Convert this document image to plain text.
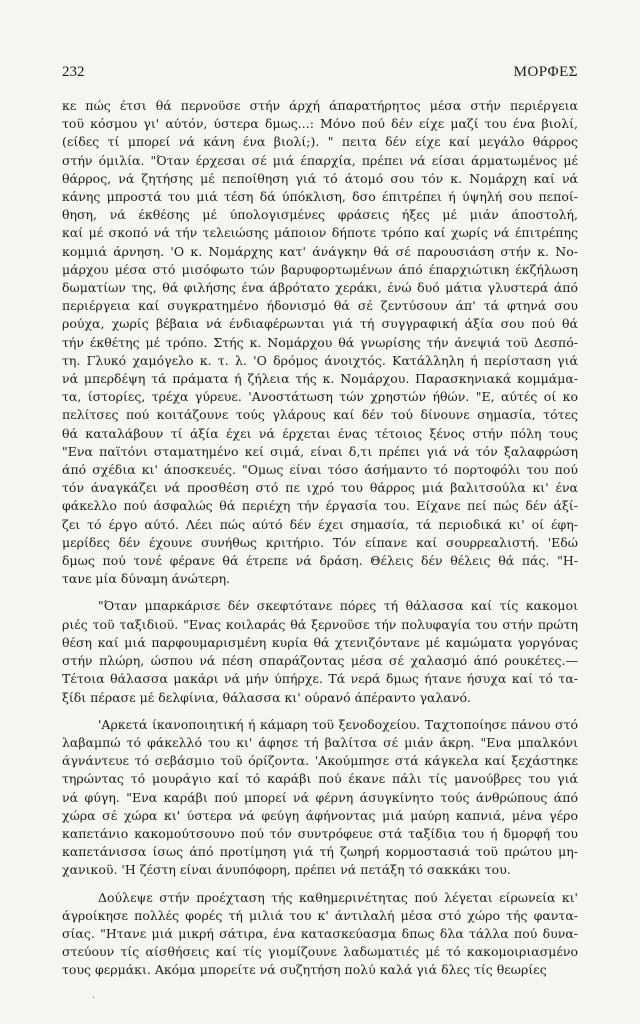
232	ΜΟΡΦΕΣ
κε πώς έτσι θά περνοϋσε στήν άρχή άπαρατήρητος μέσα στήν περιέργεια
τοϋ κόσμου γι' αύτόν, ύστερα δμως...: Μόνο πού δέν είχε μαζί του ένα βιολί,
(είδες τί μπορεί νά κάνη ένα βιολί;). " πειτα δέν είχε καί μεγάλο θάρρος
στήν όμιλία. "Όταν έρχεσαι σέ μιά έπαρχία, πρέπει νά είσαι άρματωμένος μέ
θάρρος, νά ζητήσης μέ πεποίθηση γιά τό άτομό σου τόν κ. Νομάρχη καί νά
κάνης μπροστά του μιά τέση δά ύπόκλιση, δσο έπιτρέπει ή ύψηλή σου πεποί-
θηση, νά έκθέσης μέ ύπολογισμένες φράσεις ήξες μέ μιάν άποστολή,
καί μέ σκοπό νά τήν τελειώσης μάποιον δήποτε τρόπο καί χωρίς νά έπιτρέπης
κομμιά άρνηση. 'Ο κ. Νομάρχης κατ' άνάγκην θά σέ παρουσιάση στήν κ. Νο-
μάρχου μέσα στό μισόφωτο τών βαρυφορτωμένων άπό έπαρχιώτικη έκζήλωση
δωματίων της, θά φιλήσης ένα άβρότατο χεράκι, ένώ δυό μάτια γλυστερά άπό
περιέργεια καί συγκρατημένο ήδονισμό θά σέ ζεντύσουν άπ' τά φτηνά σου
ρούχα, χωρίς βέβαια νά ένδιαφέρωνται γιά τή συγγραφική άξία σου πού θά
τήν έκθέτης μέ τρόπο. Στής κ. Νομάρχου θά γνωρίσης τήν άνεψιά τοϋ Δεσπό-
τη. Γλυκό χαμόγελο κ. τ. λ. 'Ο δρόμος άνοιχτός. Κατάλληλη ή περίσταση γιά
νά μπερδέψη τά πράματα ή ζήλεια τής κ. Νομάρχου. Παρασκηνιακά κομμάμα-
τα, ίστορίες, τρέχα γύρευε. 'Ανοστάτωση τών χρηστών ήθών. "Ε, αύτές οί κο
πελίτσες πού κοιτάζουνε τούς γλάρους καί δέν τού δίνουνε σημασία, τότες
θά καταλάβουν τί άξία έχει νά έρχεται ένας τέτοιος ξένος στήν πόλη τους
"Ενα παϊτόνι σταματημένο κεί σιμά, είναι δ,τι πρέπει γιά νά τόν ξαλαφρώση
άπό σχέδια κι' άποσκευές. "Ομως είναι τόσο άσήμαντο τό πορτοφόλι του πού
τόν άναγκάζει νά προσθέση στό πε ιχρό του θάρρος μιά βαλιτσούλα κι' ένα
φάκελλο πού άσφαλώς θά περιέχη τήν έργασία του. Είχανε πεί πώς δέν άξί-
ζει τό έργο αύτό. Λέει πώς αύτό δέν έχει σημασία, τά περιοδικά κι' οί έφη-
μερίδες δέν έχουνε συνήθως κριτήριο. Τόν είπανε καί σουρρεαλιστή. 'Εδώ
δμως πού τονέ φέρανε θά έτρεπε νά δράση. Θέλεις δέν θέλεις θά πάς. "Η-
τανε μία δύναμη άνώτερη.
"Όταν μπαρκάρισε δέν σκεφτότανε πόρες τή θάλασσα καί τίς κακομοι
ριές τοϋ ταξιδιοϋ. "Ενας κοιλαράς θά ξερνοϋσε τήν πολυφαγία του στήν πρώτη
θέση καί μιά παρφουμαρισμένη κυρία θά χτενιζόντανε μέ καμώματα γοργόνας
στήν πλώρη, ώσπου νά πέση σπαράζοντας μέσα σέ χαλασμό άπό ρουκέτες.—
Τέτοια θάλασσα μακάρι νά μήν ύπήρχε. Τά νερά δμως ήτανε ήσυχα καί τό τα-
ξίδι πέρασε μέ δελφίνια, θάλασσα κι' ούρανό άπέραντο γαλανό.
'Αρκετά ίκανοποιητική ή κάμαρη τοϋ ξενοδοχείου. Ταχτοποίησε πάνου στό
λαβαμπώ τό φάκελλό του κι' άφησε τή βαλίτσα σέ μιάν άκρη. "Ενα μπαλκόνι
άγνάντευε τό σεβάσμιο τοϋ όρίζοντα. 'Ακούμπησε στά κάγκελα καί ξεχάστηκε
τηρώντας τό μουράγιο καί τό καράβι πού έκανε πάλι τίς μανούβρες του γιά
νά φύγη. "Ενα καράβι πού μπορεί νά φέρνη άσυγκίνητο τούς άνθρώπους άπό
χώρα σέ χώρα κι' ύστερα νά φεύγη άφήνοντας μιά μαύρη καπνιά, μένα γέρο
καπετάνιο κακομούτσουνο πού τόν συντρόφευε στά ταξίδια του ή δμορφή του
καπετάνισσα ίσως άπό προτίμηση γιά τή ζωηρή κορμοστασιά τοϋ πρώτου μη-
χανικοϋ. 'Η ζέστη είναι άνυπόφορη, πρέπει νά πετάξη τό σακκάκι του.
Δούλεψε στήν προέχταση τής καθημερινέτητας πού λέγεται είρωνεία κι'
άγροίκησε πολλές φορές τή μιλιά του κ' άντιλαλή μέσα στό χώρο τής φαντα-
σίας. "Ητανε μιά μικρή σάτιρα, ένα κατασκεύασμα δπως δλα τάλλα πού δυνα-
στεύουν τίς αίσθήσεις καί τίς γιομίζουνε λαδωματιές μέ τό κακομοιριασμένο
τους φερμάκι. Ακόμα μπορείτε νά συζητήση πολύ καλά γιά δλες τίς θεωρίες
.
